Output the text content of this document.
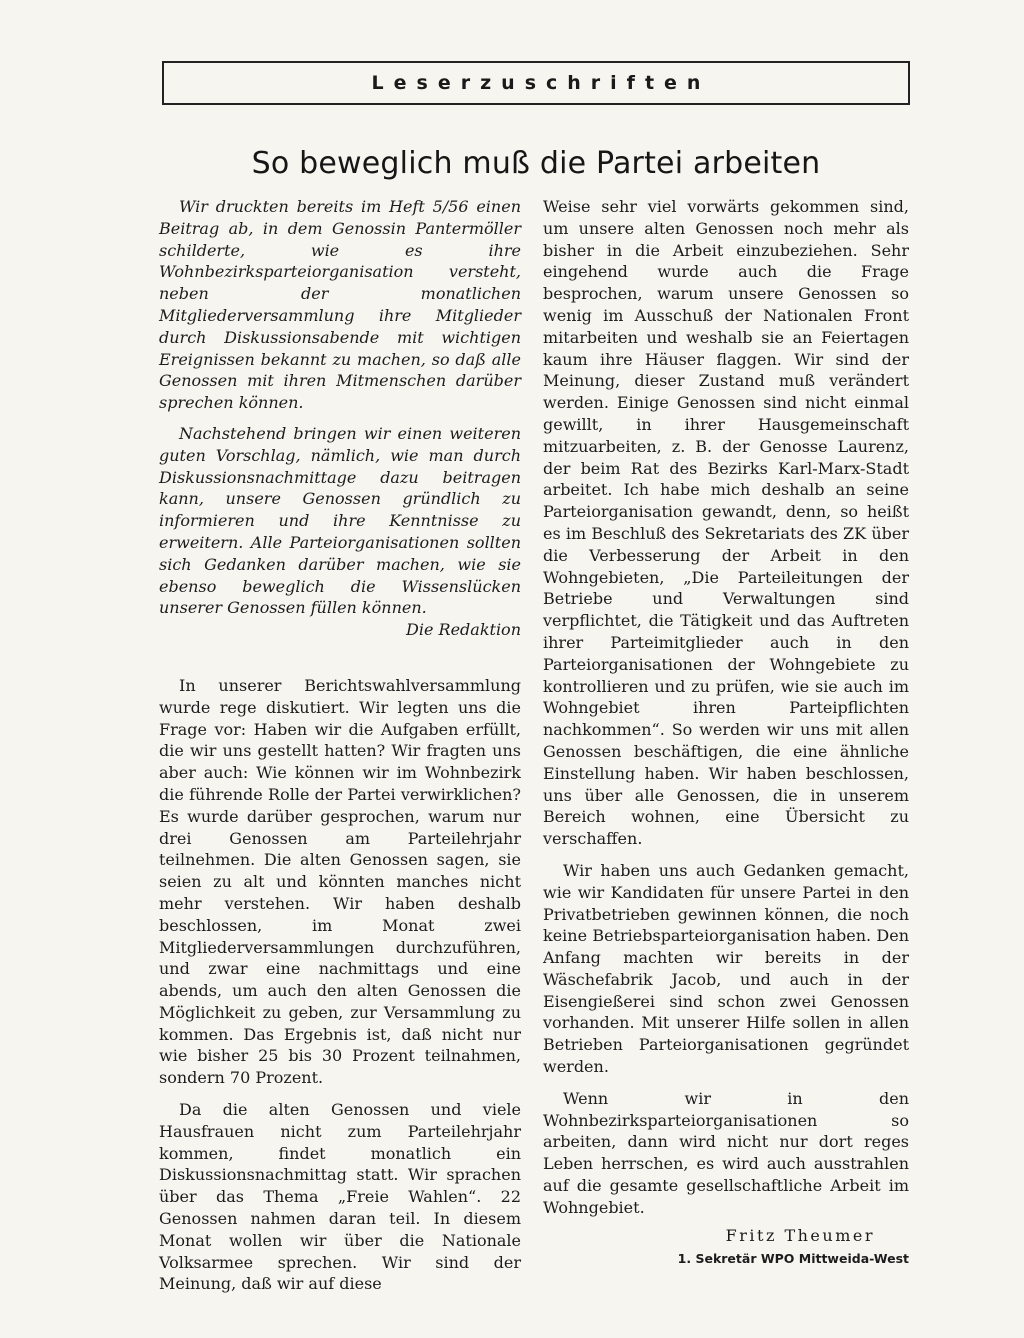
Leserzuschriften
So beweglich muß die Partei arbeiten

Wir druckten bereits im Heft 5/56 einen Beitrag ab, in dem Genossin Pantermöller schilderte, wie es ihre Wohnbezirksparteiorganisation versteht, neben der monatlichen Mitgliederversammlung ihre Mitglieder durch Diskussionsabende mit wichtigen Ereignissen bekannt zu machen, so daß alle Genossen mit ihren Mitmenschen darüber sprechen können.

Nachstehend bringen wir einen weiteren guten Vorschlag, nämlich, wie man durch Diskussionsnachmittage dazu beitragen kann, unsere Genossen gründlich zu informieren und ihre Kenntnisse zu erweitern. Alle Parteiorganisationen sollten sich Gedanken darüber machen, wie sie ebenso beweglich die Wissenslücken unserer Genossen füllen können.
Die Redaktion

In unserer Berichtswahlversammlung wurde rege diskutiert. Wir legten uns die Frage vor: Haben wir die Aufgaben erfüllt, die wir uns gestellt hatten? Wir fragten uns aber auch: Wie können wir im Wohnbezirk die führende Rolle der Partei verwirklichen? Es wurde darüber gesprochen, warum nur drei Genossen am Parteilehrjahr teilnehmen. Die alten Genossen sagen, sie seien zu alt und könnten manches nicht mehr verstehen. Wir haben deshalb beschlossen, im Monat zwei Mitgliederversammlungen durchzuführen, und zwar eine nachmittags und eine abends, um auch den alten Genossen die Möglichkeit zu geben, zur Versammlung zu kommen. Das Ergebnis ist, daß nicht nur wie bisher 25 bis 30 Prozent teilnahmen, sondern 70 Prozent.

Da die alten Genossen und viele Hausfrauen nicht zum Parteilehrjahr kommen, findet monatlich ein Diskussionsnachmittag statt. Wir sprachen über das Thema „Freie Wahlen“. 22 Genossen nahmen daran teil. In diesem Monat wollen wir über die Nationale Volksarmee sprechen. Wir sind der Meinung, daß wir auf diese

Weise sehr viel vorwärts gekommen sind, um unsere alten Genossen noch mehr als bisher in die Arbeit einzubeziehen. Sehr eingehend wurde auch die Frage besprochen, warum unsere Genossen so wenig im Ausschuß der Nationalen Front mitarbeiten und weshalb sie an Feiertagen kaum ihre Häuser flaggen. Wir sind der Meinung, dieser Zustand muß verändert werden. Einige Genossen sind nicht einmal gewillt, in ihrer Hausgemeinschaft mitzuarbeiten, z. B. der Genosse Laurenz, der beim Rat des Bezirks Karl-Marx-Stadt arbeitet. Ich habe mich deshalb an seine Parteiorganisation gewandt, denn, so heißt es im Beschluß des Sekretariats des ZK über die Verbesserung der Arbeit in den Wohngebieten, „Die Parteileitungen der Betriebe und Verwaltungen sind verpflichtet, die Tätigkeit und das Auftreten ihrer Parteimitglieder auch in den Parteiorganisationen der Wohngebiete zu kontrollieren und zu prüfen, wie sie auch im Wohngebiet ihren Parteipflichten nachkommen“. So werden wir uns mit allen Genossen beschäftigen, die eine ähnliche Einstellung haben. Wir haben beschlossen, uns über alle Genossen, die in unserem Bereich wohnen, eine Übersicht zu verschaffen.

Wir haben uns auch Gedanken gemacht, wie wir Kandidaten für unsere Partei in den Privatbetrieben gewinnen können, die noch keine Betriebsparteiorganisation haben. Den Anfang machten wir bereits in der Wäschefabrik Jacob, und auch in der Eisengießerei sind schon zwei Genossen vorhanden. Mit unserer Hilfe sollen in allen Betrieben Parteiorganisationen gegründet werden.

Wenn wir in den Wohnbezirksparteiorganisationen so arbeiten, dann wird nicht nur dort reges Leben herrschen, es wird auch ausstrahlen auf die gesamte gesellschaftliche Arbeit im Wohngebiet.

Fritz Theumer

1. Sekretär WPO Mittweida-West
